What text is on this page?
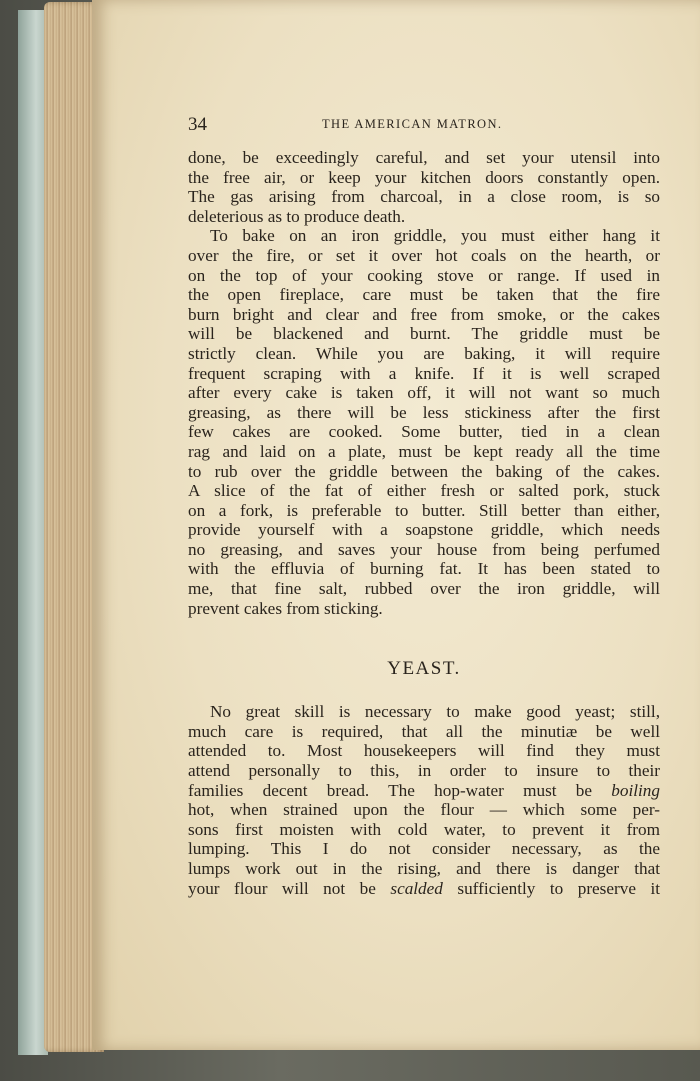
34	THE AMERICAN MATRON.

done, be exceedingly careful, and set your utensil into
the free air, or keep your kitchen doors constantly open.
The gas arising from charcoal, in a close room, is so
deleterious as to produce death.

To bake on an iron griddle, you must either hang it
over the fire, or set it over hot coals on the hearth, or
on the top of your cooking stove or range. If used in
the open fireplace, care must be taken that the fire
burn bright and clear and free from smoke, or the cakes
will be blackened and burnt. The griddle must be
strictly clean. While you are baking, it will require
frequent scraping with a knife. If it is well scraped
after every cake is taken off, it will not want so much
greasing, as there will be less stickiness after the first
few cakes are cooked. Some butter, tied in a clean
rag and laid on a plate, must be kept ready all the time
to rub over the griddle between the baking of the cakes.
A slice of the fat of either fresh or salted pork, stuck
on a fork, is preferable to butter. Still better than either,
provide yourself with a soapstone griddle, which needs
no greasing, and saves your house from being perfumed
with the effluvia of burning fat. It has been stated to
me, that fine salt, rubbed over the iron griddle, will
prevent cakes from sticking.

YEAST.

No great skill is necessary to make good yeast; still,
much care is required, that all the minutiæ be well
attended to. Most housekeepers will find they must
attend personally to this, in order to insure to their
families decent bread. The hop-water must be boiling
hot, when strained upon the flour — which some per-
sons first moisten with cold water, to prevent it from
lumping. This I do not consider necessary, as the
lumps work out in the rising, and there is danger that
your flour will not be scalded sufficiently to preserve it
